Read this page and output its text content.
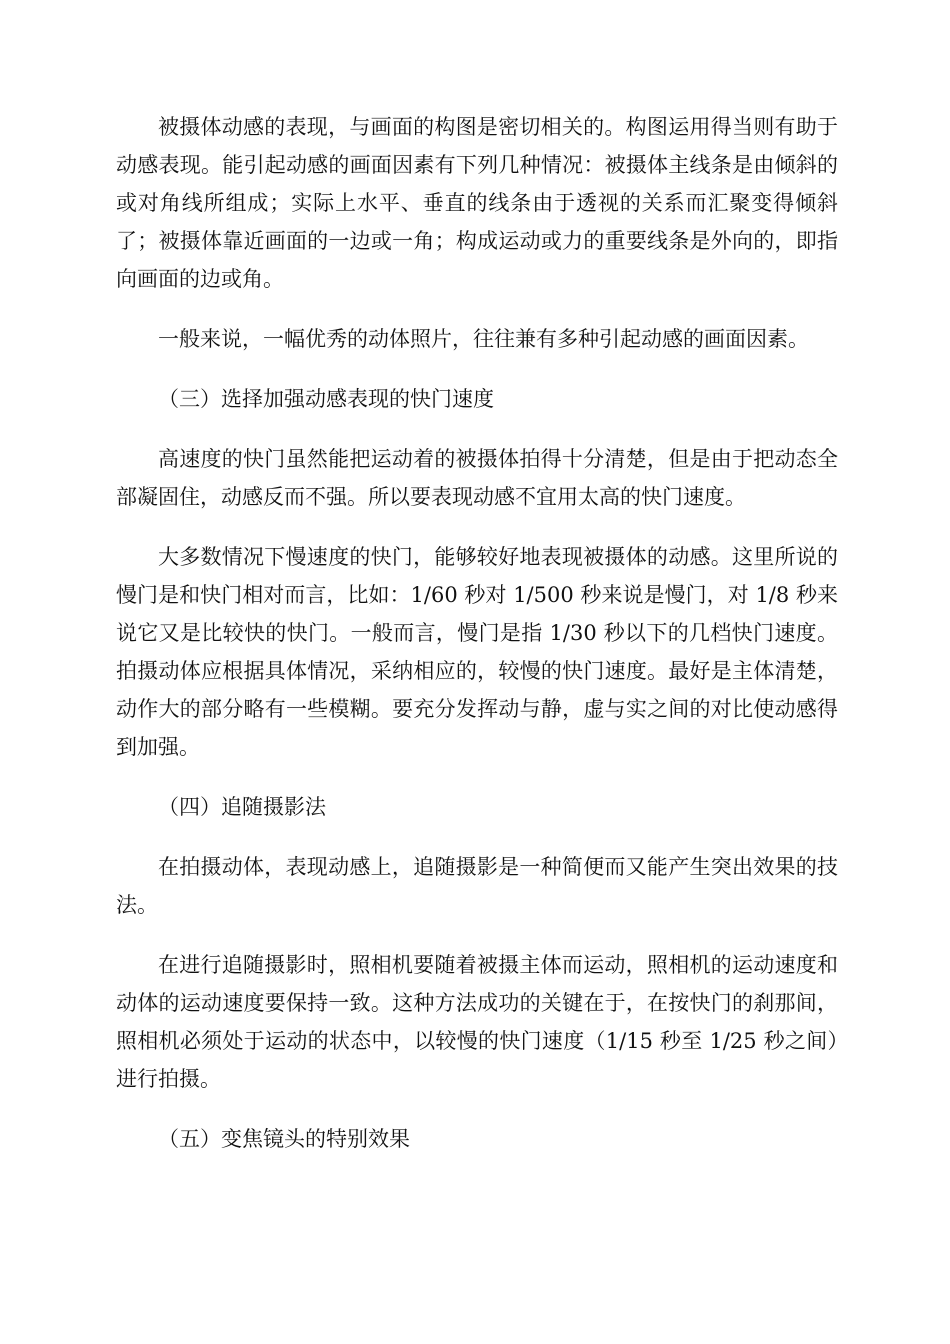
被摄体动感的表现，与画面的构图是密切相关的。构图运用得当则有助于动感表现。能引起动感的画面因素有下列几种情况：被摄体主线条是由倾斜的或对角线所组成；实际上水平、垂直的线条由于透视的关系而汇聚变得倾斜了；被摄体靠近画面的一边或一角；构成运动或力的重要线条是外向的，即指向画面的边或角。

一般来说，一幅优秀的动体照片，往往兼有多种引起动感的画面因素。

（三）选择加强动感表现的快门速度

高速度的快门虽然能把运动着的被摄体拍得十分清楚，但是由于把动态全部凝固住，动感反而不强。所以要表现动感不宜用太高的快门速度。

大多数情况下慢速度的快门，能够较好地表现被摄体的动感。这里所说的慢门是和快门相对而言，比如：1/60 秒对 1/500 秒来说是慢门，对 1/8 秒来说它又是比较快的快门。一般而言，慢门是指 1/30 秒以下的几档快门速度。拍摄动体应根据具体情况，采纳相应的，较慢的快门速度。最好是主体清楚，动作大的部分略有一些模糊。要充分发挥动与静，虚与实之间的对比使动感得到加强。

（四）追随摄影法

在拍摄动体，表现动感上，追随摄影是一种简便而又能产生突出效果的技法。

在进行追随摄影时，照相机要随着被摄主体而运动，照相机的运动速度和动体的运动速度要保持一致。这种方法成功的关键在于，在按快门的刹那间，照相机必须处于运动的状态中，以较慢的快门速度（1/15 秒至 1/25 秒之间）进行拍摄。

（五）变焦镜头的特别效果
